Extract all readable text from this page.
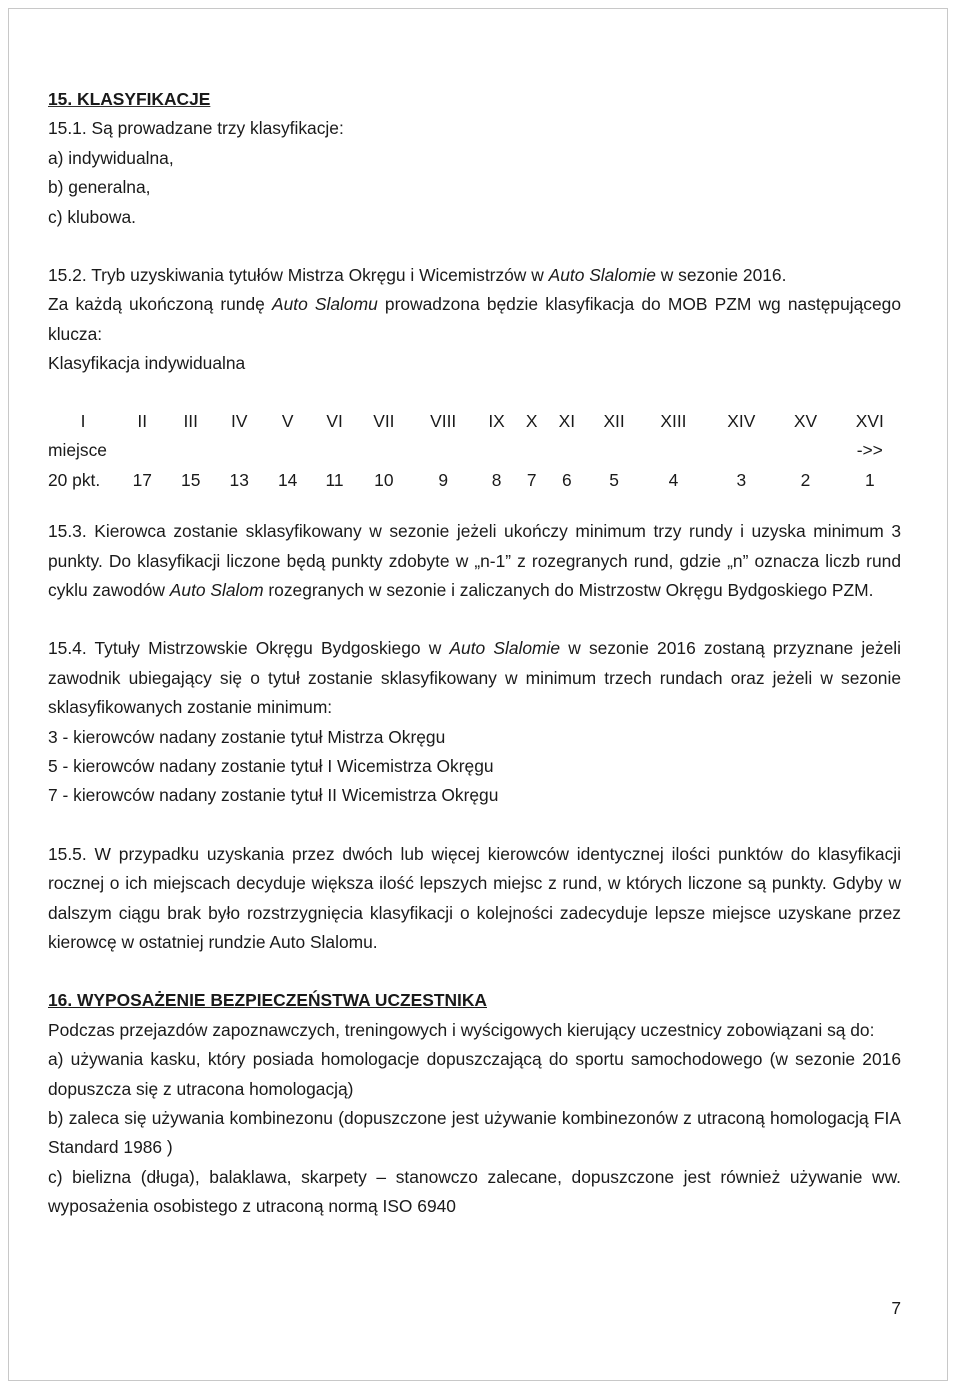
15. KLASYFIKACJE

15.1. Są prowadzane trzy klasyfikacje:

a) indywidualna,

b) generalna,

c) klubowa.

15.2. Tryb uzyskiwania tytułów Mistrza Okręgu i Wicemistrzów w Auto Slalomie w sezonie 2016.

Za każdą ukończoną rundę Auto Slalomu prowadzona będzie klasyfikacja do MOB PZM wg następującego klucza:

Klasyfikacja indywidualna

I	II	III	IV	V	VI	VII	VIII	IX	X	XI	XII	XIII	XIV	XV	XVI
miejsce															->>
20 pkt.	17	15	13	14	11	10	9	8	7	6	5	4	3	2	1

15.3. Kierowca zostanie sklasyfikowany w sezonie jeżeli ukończy minimum trzy rundy i uzyska minimum 3 punkty. Do klasyfikacji liczone będą punkty zdobyte w „n-1” z rozegranych rund, gdzie „n” oznacza liczb rund cyklu zawodów Auto Slalom rozegranych w sezonie i zaliczanych do Mistrzostw Okręgu Bydgoskiego PZM.

15.4. Tytuły Mistrzowskie Okręgu Bydgoskiego w Auto Slalomie w sezonie 2016 zostaną przyznane jeżeli zawodnik ubiegający się o tytuł zostanie sklasyfikowany w minimum trzech rundach oraz jeżeli w sezonie sklasyfikowanych zostanie minimum:

3 - kierowców nadany zostanie tytuł Mistrza Okręgu

5 - kierowców nadany zostanie tytuł I Wicemistrza Okręgu

7 - kierowców nadany zostanie tytuł II Wicemistrza Okręgu

15.5. W przypadku uzyskania przez dwóch lub więcej kierowców identycznej ilości punktów do klasyfikacji rocznej o ich miejscach decyduje większa ilość lepszych miejsc z rund, w których liczone są punkty. Gdyby w dalszym ciągu brak było rozstrzygnięcia klasyfikacji o kolejności zadecyduje lepsze miejsce uzyskane przez kierowcę w ostatniej rundzie Auto Slalomu.

16. WYPOSAŻENIE BEZPIECZEŃSTWA UCZESTNIKA

Podczas przejazdów zapoznawczych, treningowych i wyścigowych kierujący uczestnicy zobowiązani są do:

a) używania kasku, który posiada homologacje dopuszczającą do sportu samochodowego (w sezonie 2016 dopuszcza się z utracona homologacją)

b) zaleca się używania kombinezonu (dopuszczone jest używanie kombinezonów z utraconą homologacją FIA Standard 1986 )

c) bielizna (długa), balaklawa, skarpety – stanowczo zalecane, dopuszczone jest również używanie ww. wyposażenia osobistego z utraconą normą ISO 6940

7
